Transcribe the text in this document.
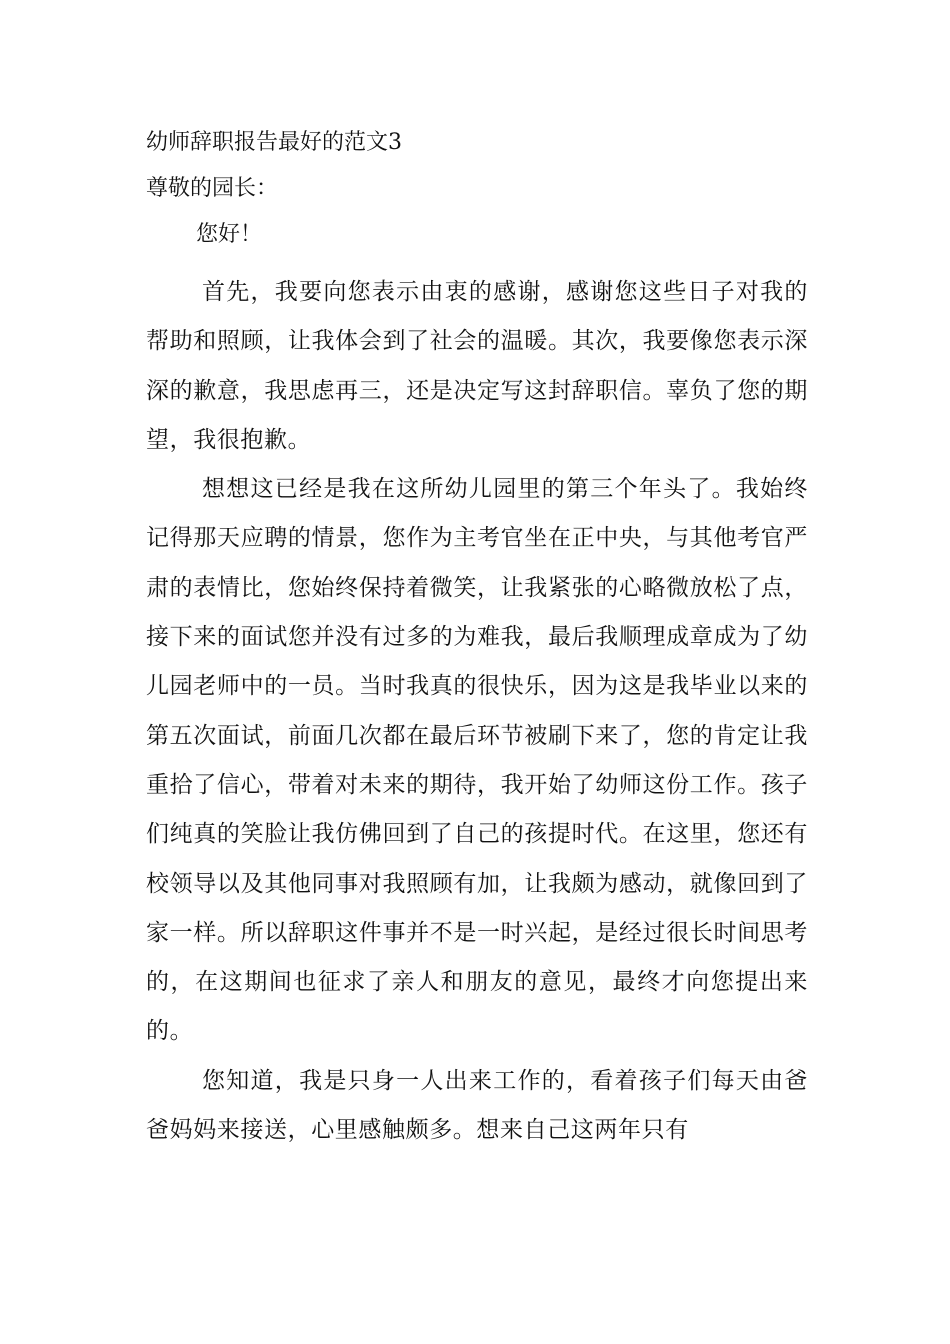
幼师辞职报告最好的范文3

尊敬的园长：

您好！

首先，我要向您表示由衷的感谢，感谢您这些日子对我的帮助和照顾，让我体会到了社会的温暖。其次，我要像您表示深深的歉意，我思虑再三，还是决定写这封辞职信。辜负了您的期望，我很抱歉。

想想这已经是我在这所幼儿园里的第三个年头了。我始终记得那天应聘的情景，您作为主考官坐在正中央，与其他考官严肃的表情比，您始终保持着微笑，让我紧张的心略微放松了点，接下来的面试您并没有过多的为难我，最后我顺理成章成为了幼儿园老师中的一员。当时我真的很快乐，因为这是我毕业以来的第五次面试，前面几次都在最后环节被刷下来了，您的肯定让我重拾了信心，带着对未来的期待，我开始了幼师这份工作。孩子们纯真的笑脸让我仿佛回到了自己的孩提时代。在这里，您还有校领导以及其他同事对我照顾有加，让我颇为感动，就像回到了家一样。所以辞职这件事并不是一时兴起，是经过很长时间思考的，在这期间也征求了亲人和朋友的意见，最终才向您提出来的。

您知道，我是只身一人出来工作的，看着孩子们每天由爸爸妈妈来接送，心里感触颇多。想来自己这两年只有
